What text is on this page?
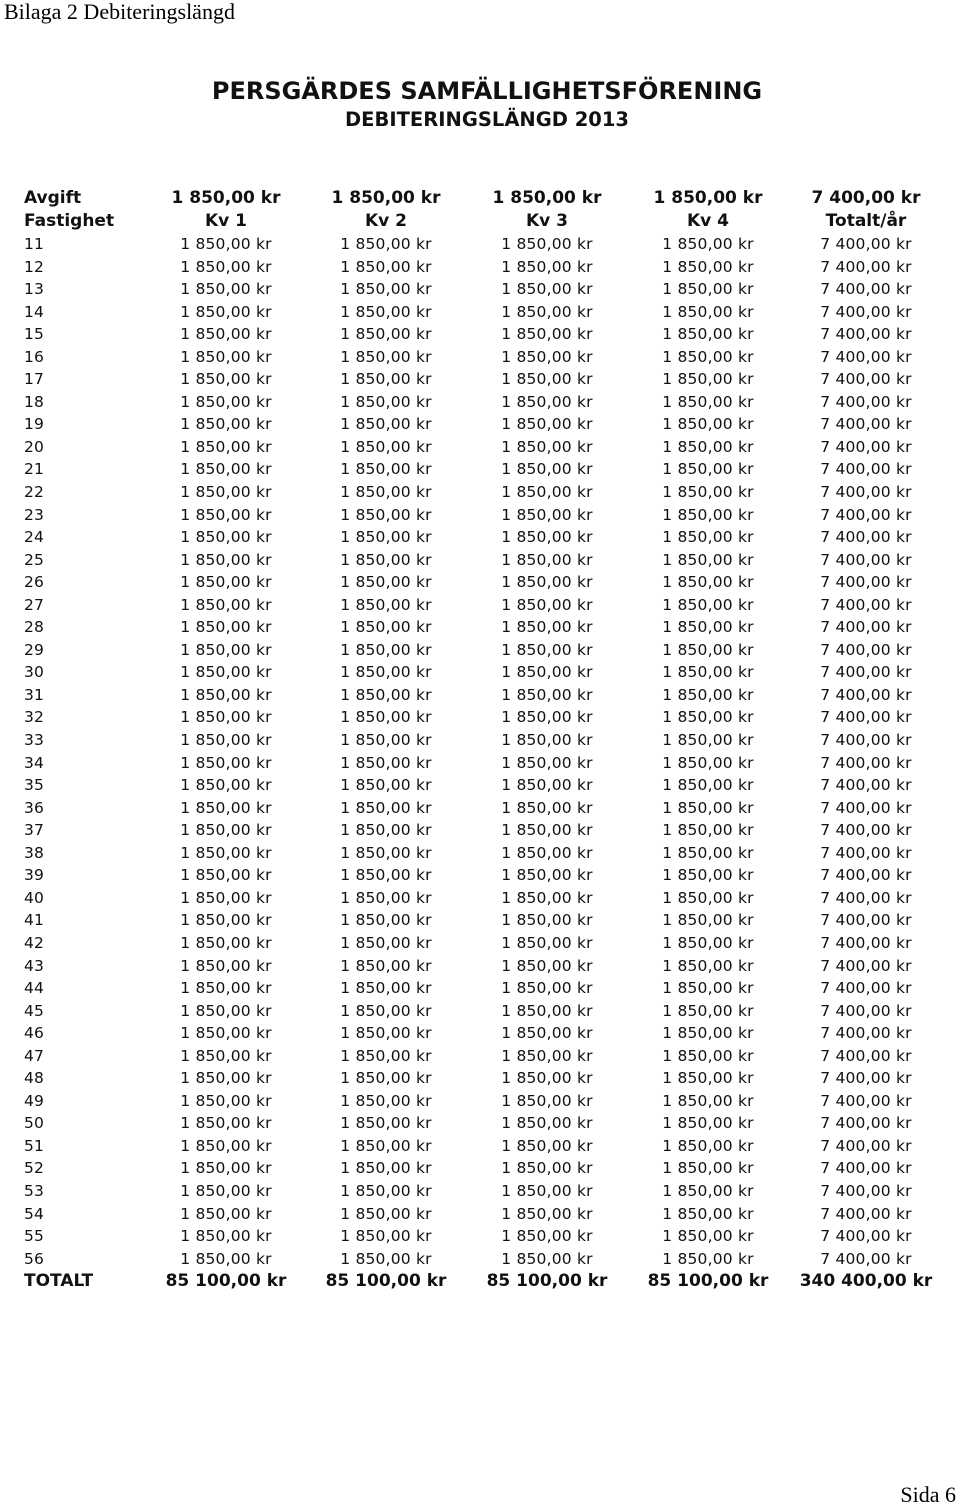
Bilaga 2 Debiteringslängd
PERSGÄRDES SAMFÄLLIGHETSFÖRENING
DEBITERINGSLÄNGD 2013
Avgift	1 850,00 kr	1 850,00 kr	1 850,00 kr	1 850,00 kr	7 400,00 kr
Fastighet	Kv 1	Kv 2	Kv 3	Kv 4	Totalt/år
11	1 850,00 kr	1 850,00 kr	1 850,00 kr	1 850,00 kr	7 400,00 kr
12	1 850,00 kr	1 850,00 kr	1 850,00 kr	1 850,00 kr	7 400,00 kr
13	1 850,00 kr	1 850,00 kr	1 850,00 kr	1 850,00 kr	7 400,00 kr
14	1 850,00 kr	1 850,00 kr	1 850,00 kr	1 850,00 kr	7 400,00 kr
15	1 850,00 kr	1 850,00 kr	1 850,00 kr	1 850,00 kr	7 400,00 kr
16	1 850,00 kr	1 850,00 kr	1 850,00 kr	1 850,00 kr	7 400,00 kr
17	1 850,00 kr	1 850,00 kr	1 850,00 kr	1 850,00 kr	7 400,00 kr
18	1 850,00 kr	1 850,00 kr	1 850,00 kr	1 850,00 kr	7 400,00 kr
19	1 850,00 kr	1 850,00 kr	1 850,00 kr	1 850,00 kr	7 400,00 kr
20	1 850,00 kr	1 850,00 kr	1 850,00 kr	1 850,00 kr	7 400,00 kr
21	1 850,00 kr	1 850,00 kr	1 850,00 kr	1 850,00 kr	7 400,00 kr
22	1 850,00 kr	1 850,00 kr	1 850,00 kr	1 850,00 kr	7 400,00 kr
23	1 850,00 kr	1 850,00 kr	1 850,00 kr	1 850,00 kr	7 400,00 kr
24	1 850,00 kr	1 850,00 kr	1 850,00 kr	1 850,00 kr	7 400,00 kr
25	1 850,00 kr	1 850,00 kr	1 850,00 kr	1 850,00 kr	7 400,00 kr
26	1 850,00 kr	1 850,00 kr	1 850,00 kr	1 850,00 kr	7 400,00 kr
27	1 850,00 kr	1 850,00 kr	1 850,00 kr	1 850,00 kr	7 400,00 kr
28	1 850,00 kr	1 850,00 kr	1 850,00 kr	1 850,00 kr	7 400,00 kr
29	1 850,00 kr	1 850,00 kr	1 850,00 kr	1 850,00 kr	7 400,00 kr
30	1 850,00 kr	1 850,00 kr	1 850,00 kr	1 850,00 kr	7 400,00 kr
31	1 850,00 kr	1 850,00 kr	1 850,00 kr	1 850,00 kr	7 400,00 kr
32	1 850,00 kr	1 850,00 kr	1 850,00 kr	1 850,00 kr	7 400,00 kr
33	1 850,00 kr	1 850,00 kr	1 850,00 kr	1 850,00 kr	7 400,00 kr
34	1 850,00 kr	1 850,00 kr	1 850,00 kr	1 850,00 kr	7 400,00 kr
35	1 850,00 kr	1 850,00 kr	1 850,00 kr	1 850,00 kr	7 400,00 kr
36	1 850,00 kr	1 850,00 kr	1 850,00 kr	1 850,00 kr	7 400,00 kr
37	1 850,00 kr	1 850,00 kr	1 850,00 kr	1 850,00 kr	7 400,00 kr
38	1 850,00 kr	1 850,00 kr	1 850,00 kr	1 850,00 kr	7 400,00 kr
39	1 850,00 kr	1 850,00 kr	1 850,00 kr	1 850,00 kr	7 400,00 kr
40	1 850,00 kr	1 850,00 kr	1 850,00 kr	1 850,00 kr	7 400,00 kr
41	1 850,00 kr	1 850,00 kr	1 850,00 kr	1 850,00 kr	7 400,00 kr
42	1 850,00 kr	1 850,00 kr	1 850,00 kr	1 850,00 kr	7 400,00 kr
43	1 850,00 kr	1 850,00 kr	1 850,00 kr	1 850,00 kr	7 400,00 kr
44	1 850,00 kr	1 850,00 kr	1 850,00 kr	1 850,00 kr	7 400,00 kr
45	1 850,00 kr	1 850,00 kr	1 850,00 kr	1 850,00 kr	7 400,00 kr
46	1 850,00 kr	1 850,00 kr	1 850,00 kr	1 850,00 kr	7 400,00 kr
47	1 850,00 kr	1 850,00 kr	1 850,00 kr	1 850,00 kr	7 400,00 kr
48	1 850,00 kr	1 850,00 kr	1 850,00 kr	1 850,00 kr	7 400,00 kr
49	1 850,00 kr	1 850,00 kr	1 850,00 kr	1 850,00 kr	7 400,00 kr
50	1 850,00 kr	1 850,00 kr	1 850,00 kr	1 850,00 kr	7 400,00 kr
51	1 850,00 kr	1 850,00 kr	1 850,00 kr	1 850,00 kr	7 400,00 kr
52	1 850,00 kr	1 850,00 kr	1 850,00 kr	1 850,00 kr	7 400,00 kr
53	1 850,00 kr	1 850,00 kr	1 850,00 kr	1 850,00 kr	7 400,00 kr
54	1 850,00 kr	1 850,00 kr	1 850,00 kr	1 850,00 kr	7 400,00 kr
55	1 850,00 kr	1 850,00 kr	1 850,00 kr	1 850,00 kr	7 400,00 kr
56	1 850,00 kr	1 850,00 kr	1 850,00 kr	1 850,00 kr	7 400,00 kr
TOTALT	85 100,00 kr	85 100,00 kr	85 100,00 kr	85 100,00 kr	340 400,00 kr
Sida 6
